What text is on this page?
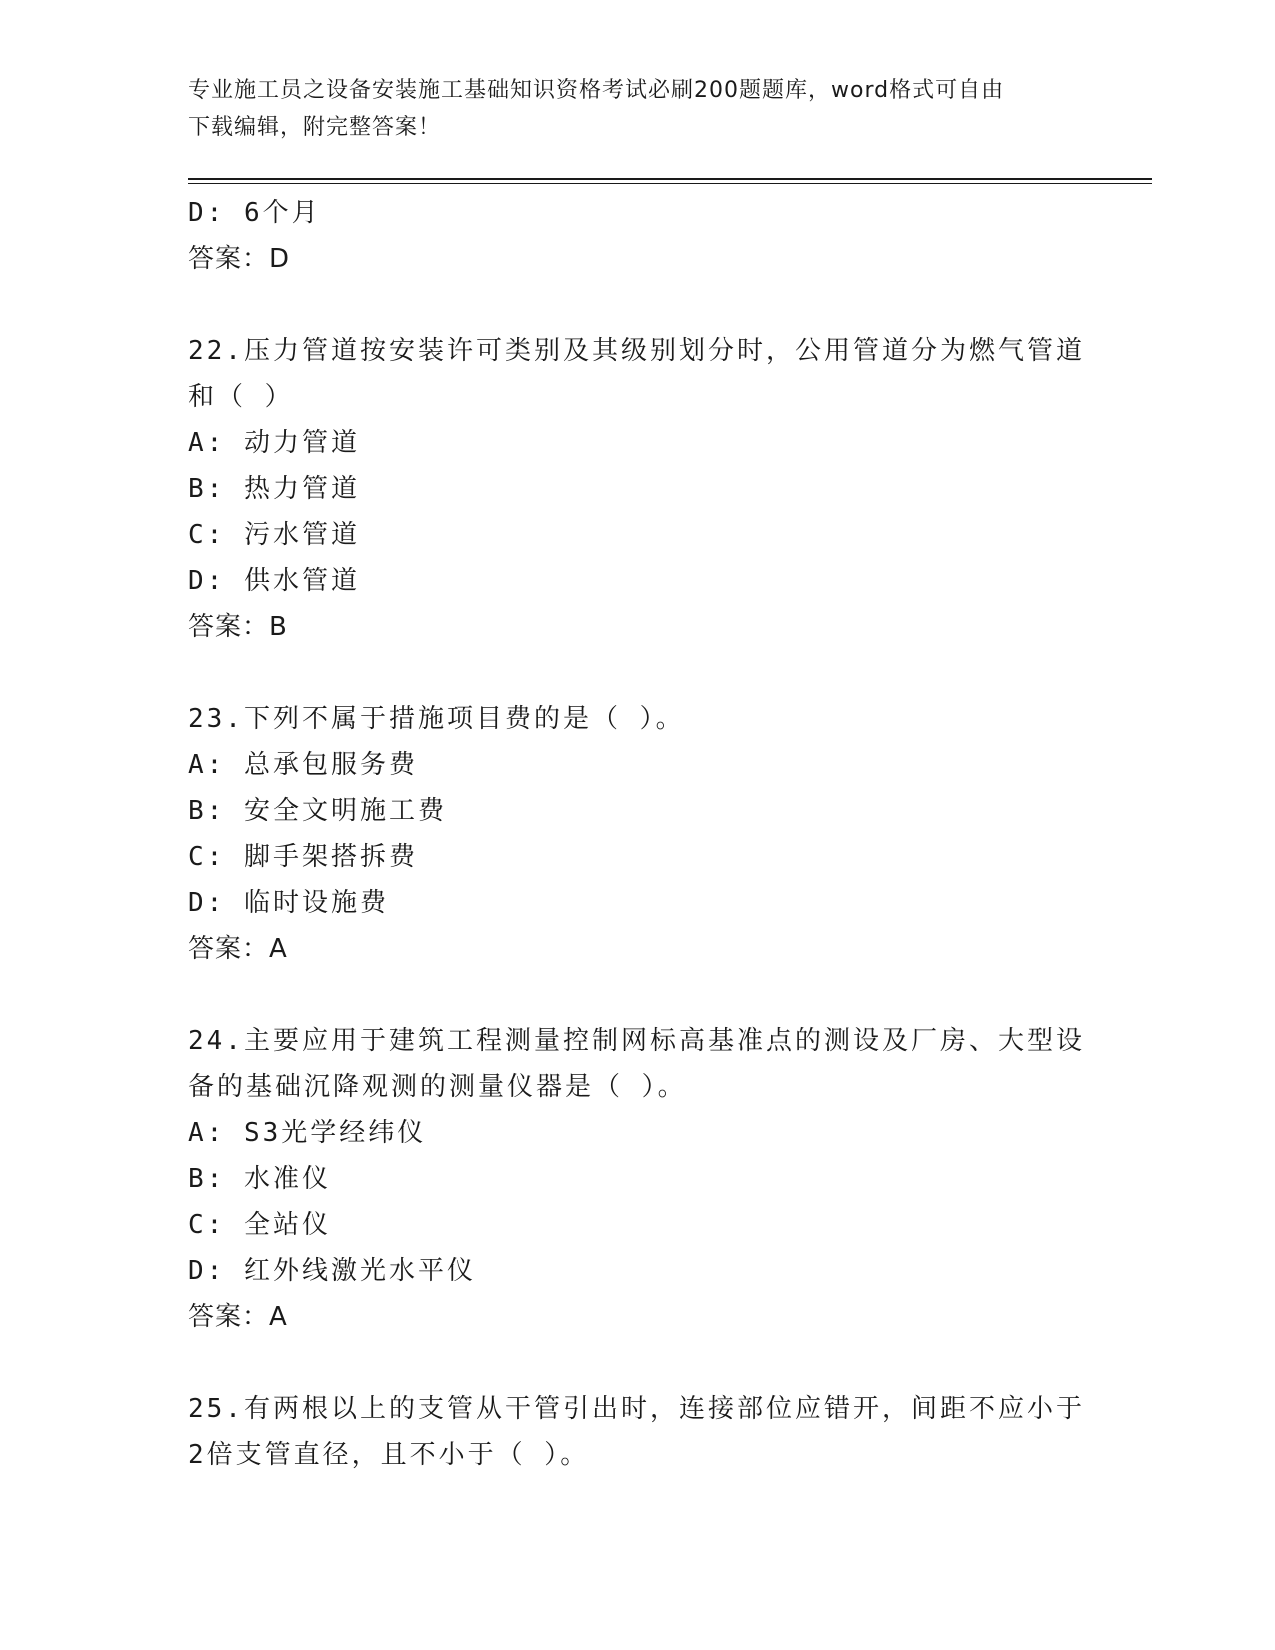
专业施工员之设备安装施工基础知识资格考试必刷200题题库，word格式可自由
下载编辑，附完整答案！
D: 6个月
答案：D
22.压力管道按安装许可类别及其级别划分时，公用管道分为燃气管道
和（ ）
A: 动力管道
B: 热力管道
C: 污水管道
D: 供水管道
答案：B
23.下列不属于措施项目费的是（ ）。
A: 总承包服务费
B: 安全文明施工费
C: 脚手架搭拆费
D: 临时设施费
答案：A
24.主要应用于建筑工程测量控制网标高基准点的测设及厂房、大型设
备的基础沉降观测的测量仪器是（ ）。
A: S3光学经纬仪
B: 水准仪
C: 全站仪
D: 红外线激光水平仪
答案：A
25.有两根以上的支管从干管引出时，连接部位应错开，间距不应小于
2倍支管直径，且不小于（ ）。
